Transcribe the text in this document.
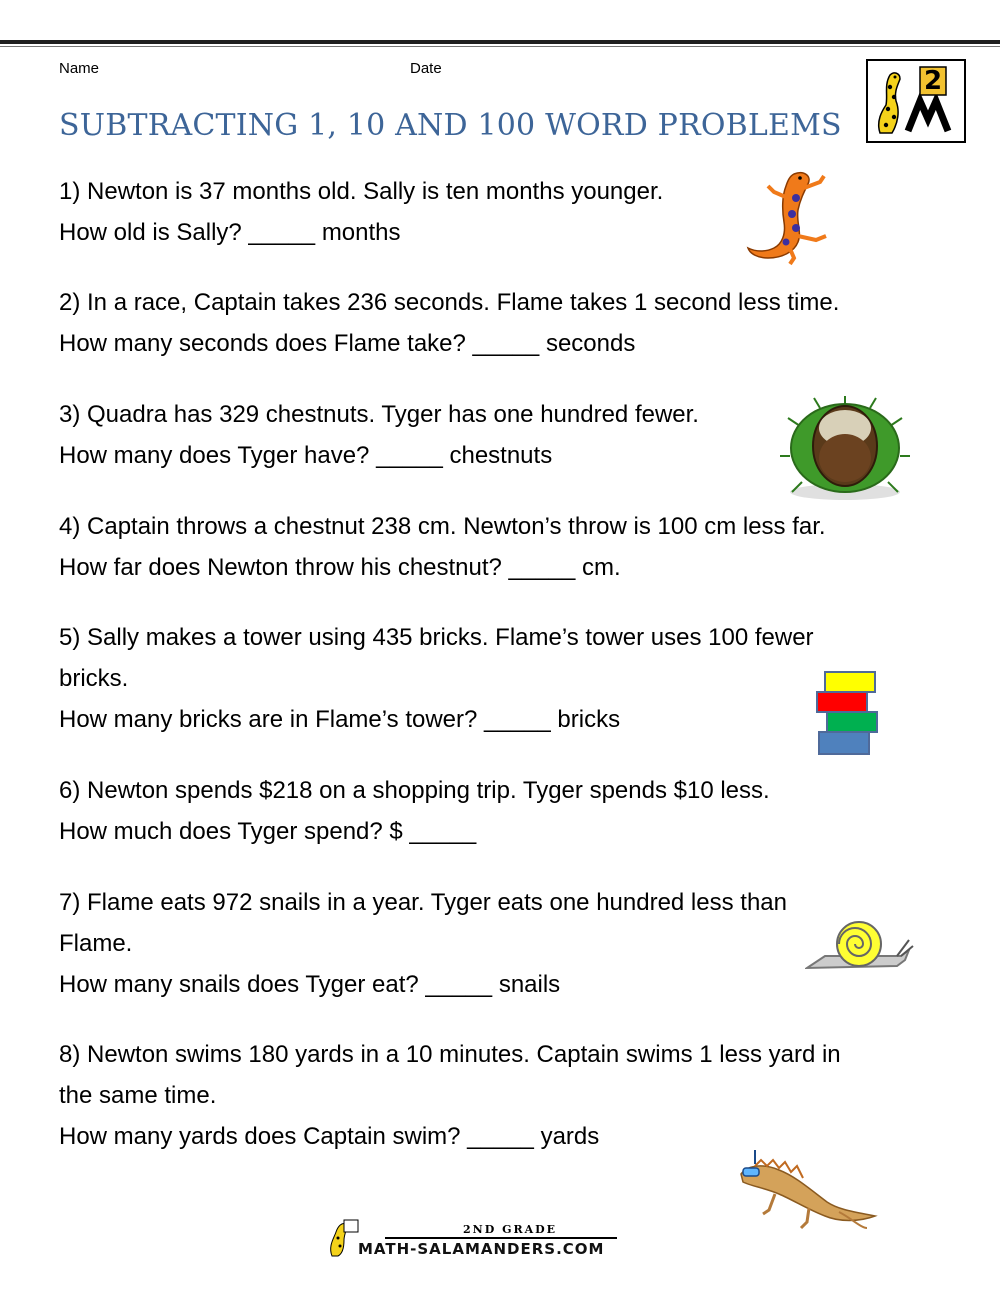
Name	Date
SUBTRACTING 1, 10 AND 100 WORD PROBLEMS
2
1) Newton is 37 months old. Sally is ten months younger.
How old is Sally? _____ months
2) In a race, Captain takes 236 seconds. Flame takes 1 second less time.
How many seconds does Flame take? _____ seconds
3) Quadra has 329 chestnuts. Tyger has one hundred fewer.
How many does Tyger have? _____ chestnuts
4) Captain throws a chestnut 238 cm. Newton’s throw is 100 cm less far.
How far does Newton throw his chestnut? _____ cm.
5) Sally makes a tower using 435 bricks. Flame’s tower uses 100 fewer
bricks.
How many bricks are in Flame’s tower? _____ bricks
6) Newton spends $218 on a shopping trip. Tyger spends $10 less.
How much does Tyger spend? $ _____
7) Flame eats 972 snails in a year. Tyger eats one hundred less than
Flame.
How many snails does Tyger eat? _____ snails
8) Newton swims 180 yards in a 10 minutes. Captain swims 1 less yard in
the same time.
How many yards does Captain swim? _____ yards
2ND GRADE
MATH-SALAMANDERS.COM
